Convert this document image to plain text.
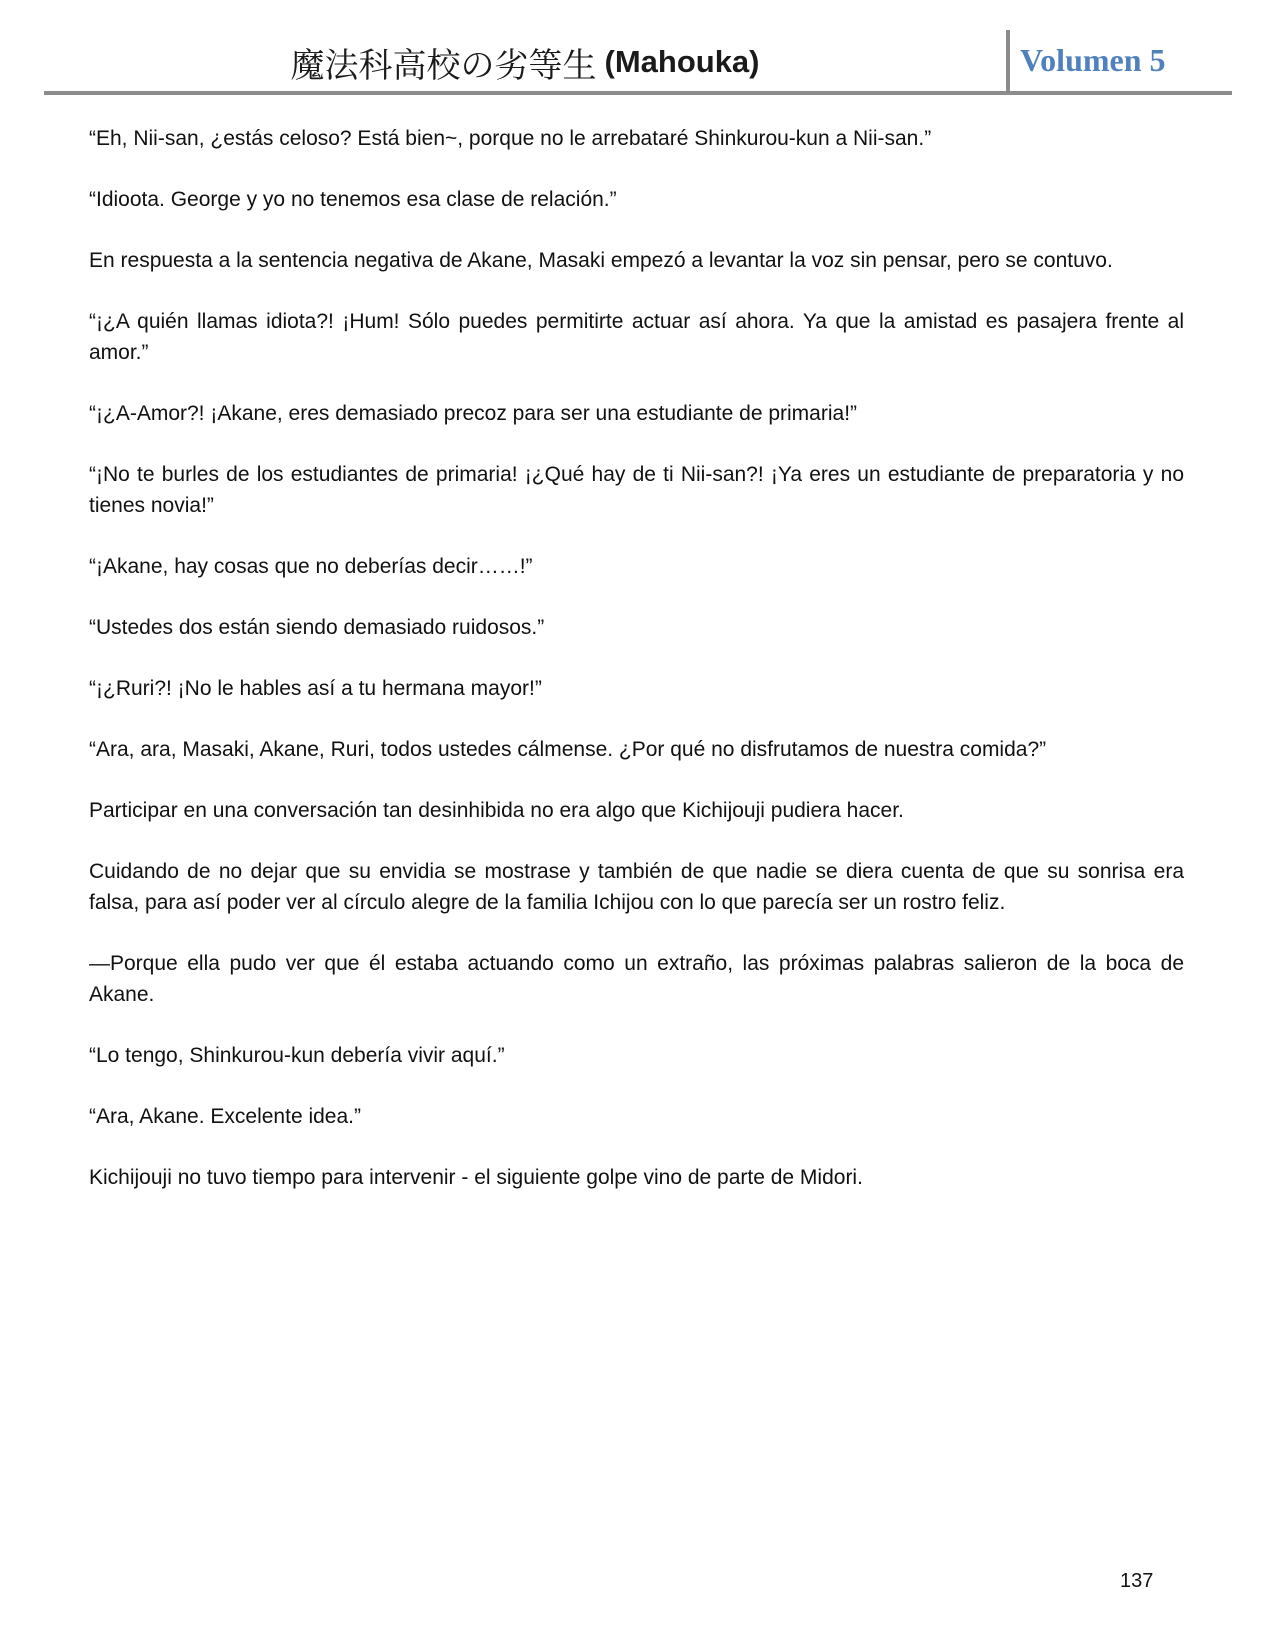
魔法科高校の劣等生 (Mahouka)	Volumen 5

“Eh, Nii-san, ¿estás celoso? Está bien~, porque no le arrebataré Shinkurou-kun a Nii-san.”

“Idioota. George y yo no tenemos esa clase de relación.”

En respuesta a la sentencia negativa de Akane, Masaki empezó a levantar la voz sin pensar, pero se contuvo.

“¡¿A quién llamas idiota?! ¡Hum! Sólo puedes permitirte actuar así ahora. Ya que la amistad es pasajera frente al amor.”

“¡¿A-Amor?! ¡Akane, eres demasiado precoz para ser una estudiante de primaria!”

“¡No te burles de los estudiantes de primaria! ¡¿Qué hay de ti Nii-san?! ¡Ya eres un estudiante de preparatoria y no tienes novia!”

“¡Akane, hay cosas que no deberías decir……!”

“Ustedes dos están siendo demasiado ruidosos.”

“¡¿Ruri?! ¡No le hables así a tu hermana mayor!”

“Ara, ara, Masaki, Akane, Ruri, todos ustedes cálmense. ¿Por qué no disfrutamos de nuestra comida?”

Participar en una conversación tan desinhibida no era algo que Kichijouji pudiera hacer.

Cuidando de no dejar que su envidia se mostrase y también de que nadie se diera cuenta de que su sonrisa era falsa, para así poder ver al círculo alegre de la familia Ichijou con lo que parecía ser un rostro feliz.

—Porque ella pudo ver que él estaba actuando como un extraño, las próximas palabras salieron de la boca de Akane.

“Lo tengo, Shinkurou-kun debería vivir aquí.”

“Ara, Akane. Excelente idea.”

Kichijouji no tuvo tiempo para intervenir - el siguiente golpe vino de parte de Midori.

137
